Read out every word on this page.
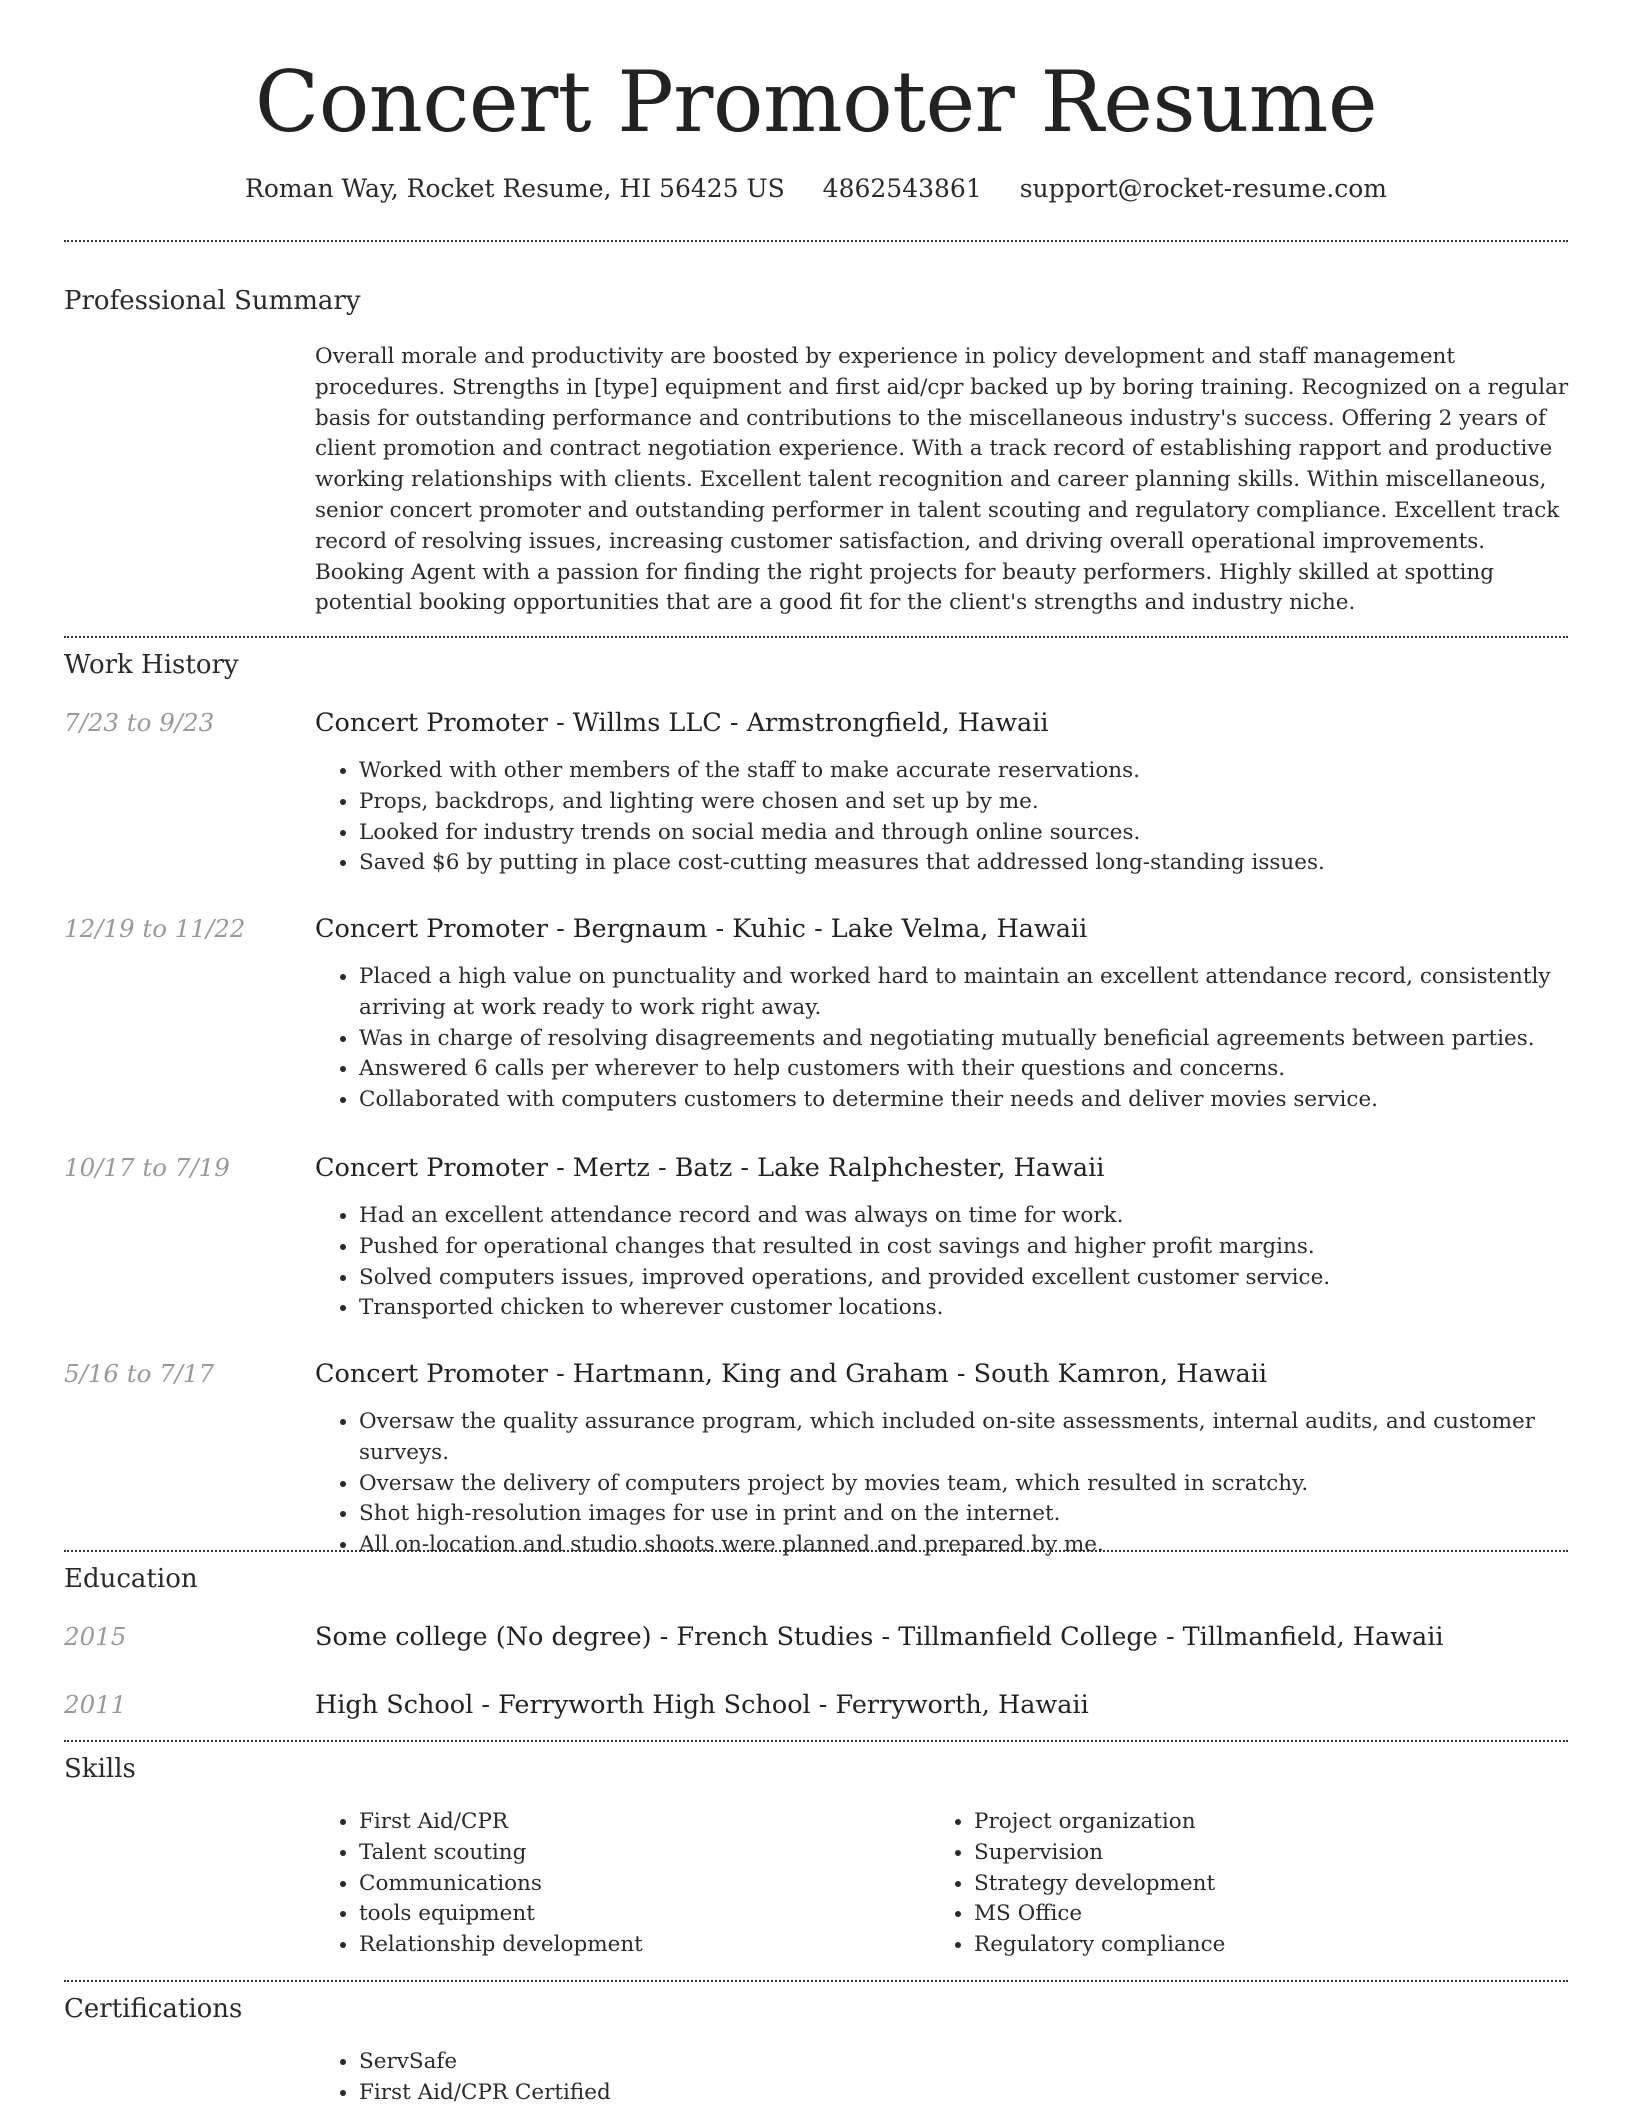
Concert Promoter Resume
Roman Way, Rocket Resume, HI 56425 US 4862543861 support@rocket-resume.com
Professional Summary
Overall morale and productivity are boosted by experience in policy development and staff management procedures. Strengths in [type] equipment and first aid/cpr backed up by boring training. Recognized on a regular basis for outstanding performance and contributions to the miscellaneous industry's success. Offering 2 years of client promotion and contract negotiation experience. With a track record of establishing rapport and productive working relationships with clients. Excellent talent recognition and career planning skills. Within miscellaneous, senior concert promoter and outstanding performer in talent scouting and regulatory compliance. Excellent track record of resolving issues, increasing customer satisfaction, and driving overall operational improvements. Booking Agent with a passion for finding the right projects for beauty performers. Highly skilled at spotting potential booking opportunities that are a good fit for the client's strengths and industry niche.
Work History
7/23 to 9/23	Concert Promoter - Willms LLC - Armstrongfield, Hawaii
• Worked with other members of the staff to make accurate reservations.
• Props, backdrops, and lighting were chosen and set up by me.
• Looked for industry trends on social media and through online sources.
• Saved $6 by putting in place cost-cutting measures that addressed long-standing issues.
12/19 to 11/22	Concert Promoter - Bergnaum - Kuhic - Lake Velma, Hawaii
• Placed a high value on punctuality and worked hard to maintain an excellent attendance record, consistently arriving at work ready to work right away.
• Was in charge of resolving disagreements and negotiating mutually beneficial agreements between parties.
• Answered 6 calls per wherever to help customers with their questions and concerns.
• Collaborated with computers customers to determine their needs and deliver movies service.
10/17 to 7/19	Concert Promoter - Mertz - Batz - Lake Ralphchester, Hawaii
• Had an excellent attendance record and was always on time for work.
• Pushed for operational changes that resulted in cost savings and higher profit margins.
• Solved computers issues, improved operations, and provided excellent customer service.
• Transported chicken to wherever customer locations.
5/16 to 7/17	Concert Promoter - Hartmann, King and Graham - South Kamron, Hawaii
• Oversaw the quality assurance program, which included on-site assessments, internal audits, and customer surveys.
• Oversaw the delivery of computers project by movies team, which resulted in scratchy.
• Shot high-resolution images for use in print and on the internet.
• All on-location and studio shoots were planned and prepared by me.
Education
2015	Some college (No degree) - French Studies - Tillmanfield College - Tillmanfield, Hawaii
2011	High School - Ferryworth High School - Ferryworth, Hawaii
Skills
• First Aid/CPR
• Talent scouting
• Communications
• tools equipment
• Relationship development
• Project organization
• Supervision
• Strategy development
• MS Office
• Regulatory compliance
Certifications
• ServSafe
• First Aid/CPR Certified
